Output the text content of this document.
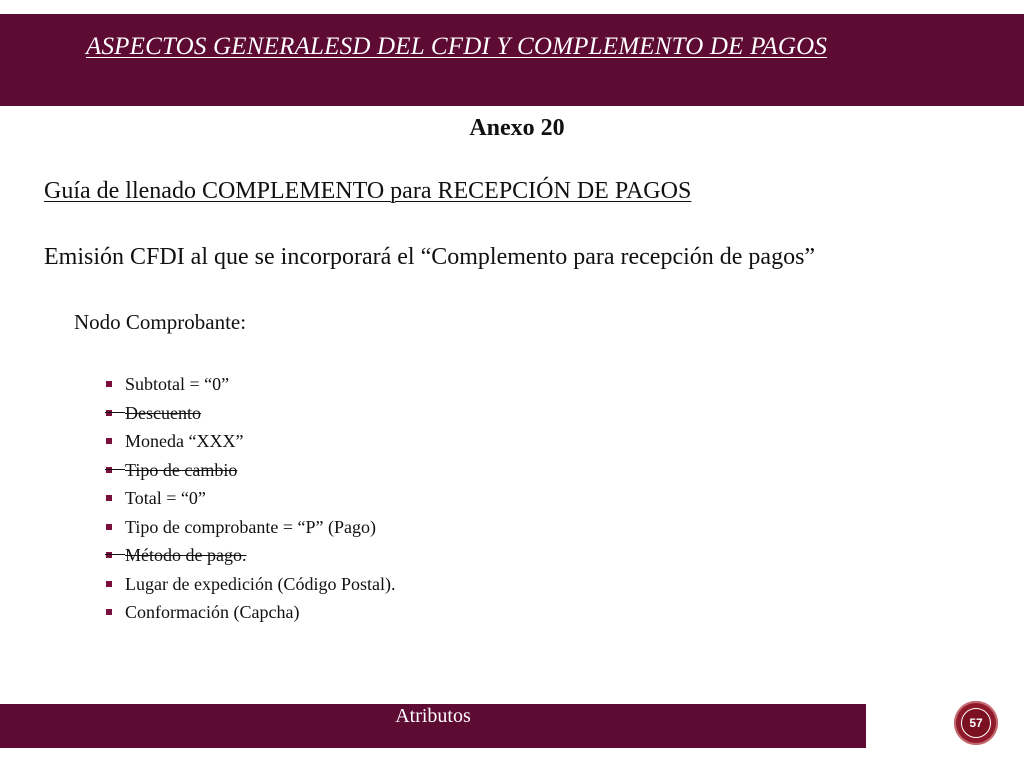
ASPECTOS GENERALESD DEL CFDI Y COMPLEMENTO DE PAGOS
Anexo 20
Guía de llenado COMPLEMENTO para RECEPCIÓN DE PAGOS
Emisión CFDI al que se incorporará el “Complemento para recepción de pagos”
Nodo Comprobante:
Subtotal = “0”
Descuento
Moneda “XXX”
Tipo de cambio
Total = “0”
Tipo de comprobante = “P” (Pago)
Método de pago.
Lugar de expedición (Código Postal).
Conformación (Capcha)
Atributos	57
